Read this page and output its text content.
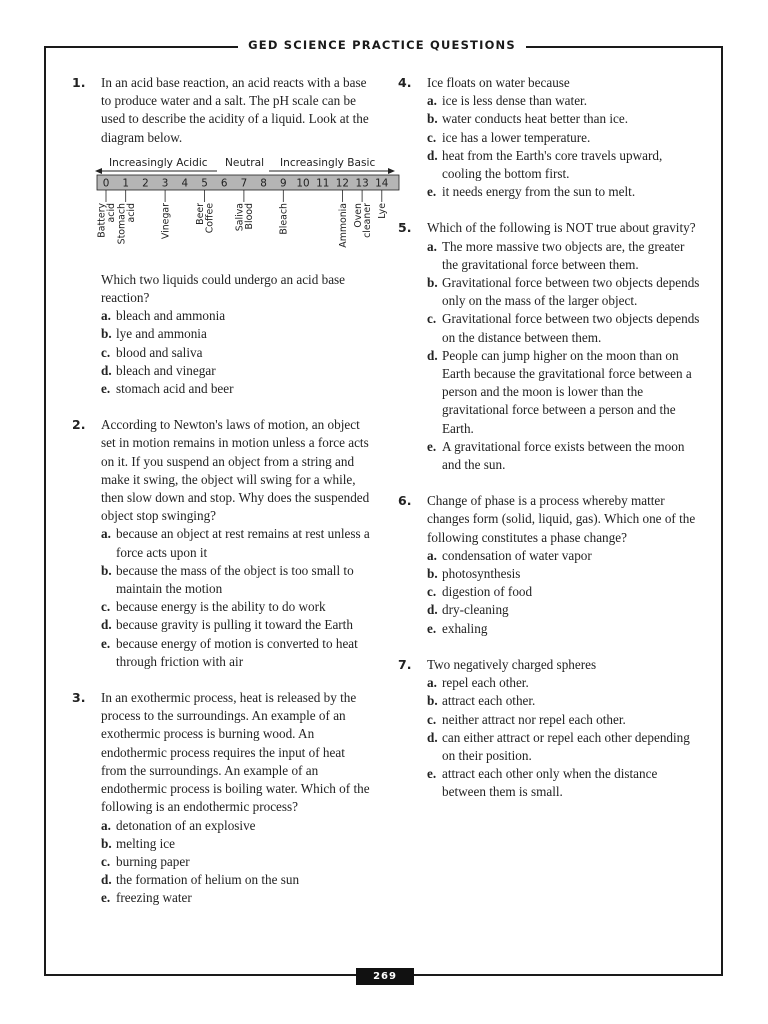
GED SCIENCE PRACTICE QUESTIONS
1. In an acid base reaction, an acid reacts with a base to produce water and a salt. The pH scale can be used to describe the acidity of a liquid. Look at the diagram below.
Increasingly Acidic Neutral Increasingly Basic
0 1 2 3 4 5 6 7 8 9 10 11 12 13 14
Battery
acid Stomach
acid	Vinegar	Beer
Coffee Saliva
Blood	Bleach	Ammonia Oven
cleaner Lye
Which two liquids could undergo an acid base reaction?
a. bleach and ammonia
b. lye and ammonia
c. blood and saliva
d. bleach and vinegar
e. stomach acid and beer
2. According to Newton's laws of motion, an object set in motion remains in motion unless a force acts on it. If you suspend an object from a string and make it swing, the object will swing for a while, then slow down and stop. Why does the suspended object stop swinging?
a. because an object at rest remains at rest unless a force acts upon it
b. because the mass of the object is too small to maintain the motion
c. because energy is the ability to do work
d. because gravity is pulling it toward the Earth
e. because energy of motion is converted to heat through friction with air
3. In an exothermic process, heat is released by the process to the surroundings. An example of an exothermic process is burning wood. An endothermic process requires the input of heat from the surroundings. An example of an endothermic process is boiling water. Which of the following is an endothermic process?
a. detonation of an explosive
b. melting ice
c. burning paper
d. the formation of helium on the sun
e. freezing water
4. Ice floats on water because
a. ice is less dense than water.
b. water conducts heat better than ice.
c. ice has a lower temperature.
d. heat from the Earth's core travels upward, cooling the bottom first.
e. it needs energy from the sun to melt.
5. Which of the following is NOT true about gravity?
a. The more massive two objects are, the greater the gravitational force between them.
b. Gravitational force between two objects depends only on the mass of the larger object.
c. Gravitational force between two objects depends on the distance between them.
d. People can jump higher on the moon than on Earth because the gravitational force between a person and the moon is lower than the gravitational force between a person and the Earth.
e. A gravitational force exists between the moon and the sun.
6. Change of phase is a process whereby matter changes form (solid, liquid, gas). Which one of the following constitutes a phase change?
a. condensation of water vapor
b. photosynthesis
c. digestion of food
d. dry-cleaning
e. exhaling
7. Two negatively charged spheres
a. repel each other.
b. attract each other.
c. neither attract nor repel each other.
d. can either attract or repel each other depending on their position.
e. attract each other only when the distance between them is small.
269
